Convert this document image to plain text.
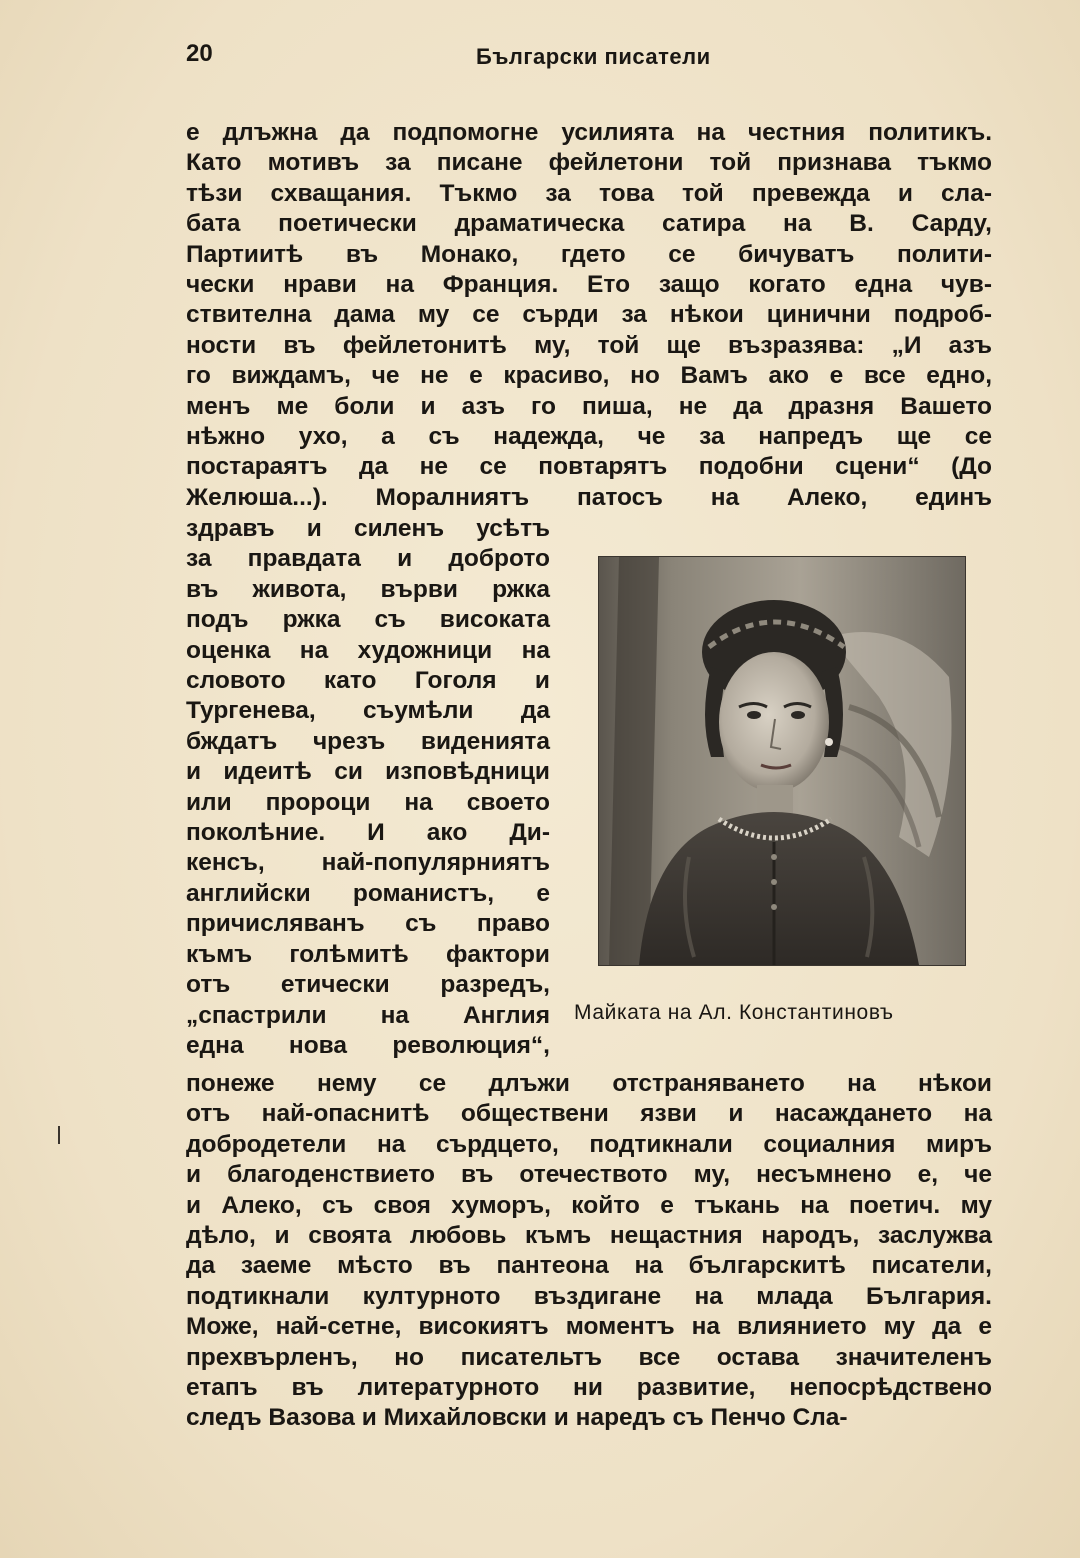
20	Български писатели
е длъжна да подпомогне усилията на честния политикъ.
Като мотивъ за писане фейлетони той признава тъкмо
тѣзи схващания. Тъкмо за това той превежда и сла-
бата поетически драматическа сатира на В. Сарду,
Партиитѣ въ Монако, гдето се бичуватъ полити-
чески нрави на Франция. Ето защо когато една чув-
ствителна дама му се сърди за нѣкои цинични подроб-
ности въ фейлетонитѣ му, той ще възразява: „И азъ
го виждамъ, че не е красиво, но Вамъ ако е все едно,
менъ ме боли и азъ го пиша, не да дразня Вашето
нѣжно ухо, а съ надежда, че за напредъ ще се
постараятъ да не се повтарятъ подобни сцени“ (До
Желюша...). Моралниятъ патосъ на Алеко, единъ
здравъ и силенъ усѣтъ
за правдата и доброто
въ живота, върви ржка
подъ ржка съ високата
оценка на художници на
словото като Гоголя и
Тургенева, съумѣли да
бждатъ чрезъ виденията
и идеитѣ си изповѣдници
или пророци на своето
поколѣние. И ако Ди-
кенсъ, най-популярниятъ
английски романистъ, е
причисляванъ съ право
къмъ голѣмитѣ фактори
отъ етически разредъ,
„спастрили на Англия
една нова революция“,
Майката на Ал. Константиновъ
понеже нему се длъжи отстраняването на нѣкои
отъ най-опаснитѣ обществени язви и насаждането на
добродетели на сърдцето, подтикнали социалния миръ
и благоденствието въ отечеството му, несъмнено е, че
и Алеко, съ своя хуморъ, който е тъкань на поетич. му
дѣло, и своята любовь къмъ нещастния народъ, заслужва
да заеме мѣсто въ пантеона на българскитѣ писатели,
подтикнали културното въздигане на млада България.
Може, най-сетне, високиятъ моментъ на влиянието му да е
прехвърленъ, но писательтъ все остава значителенъ
етапъ въ литературното ни развитие, непосрѣдствено
следъ Вазова и Михайловски и наредъ съ Пенчо Сла-
